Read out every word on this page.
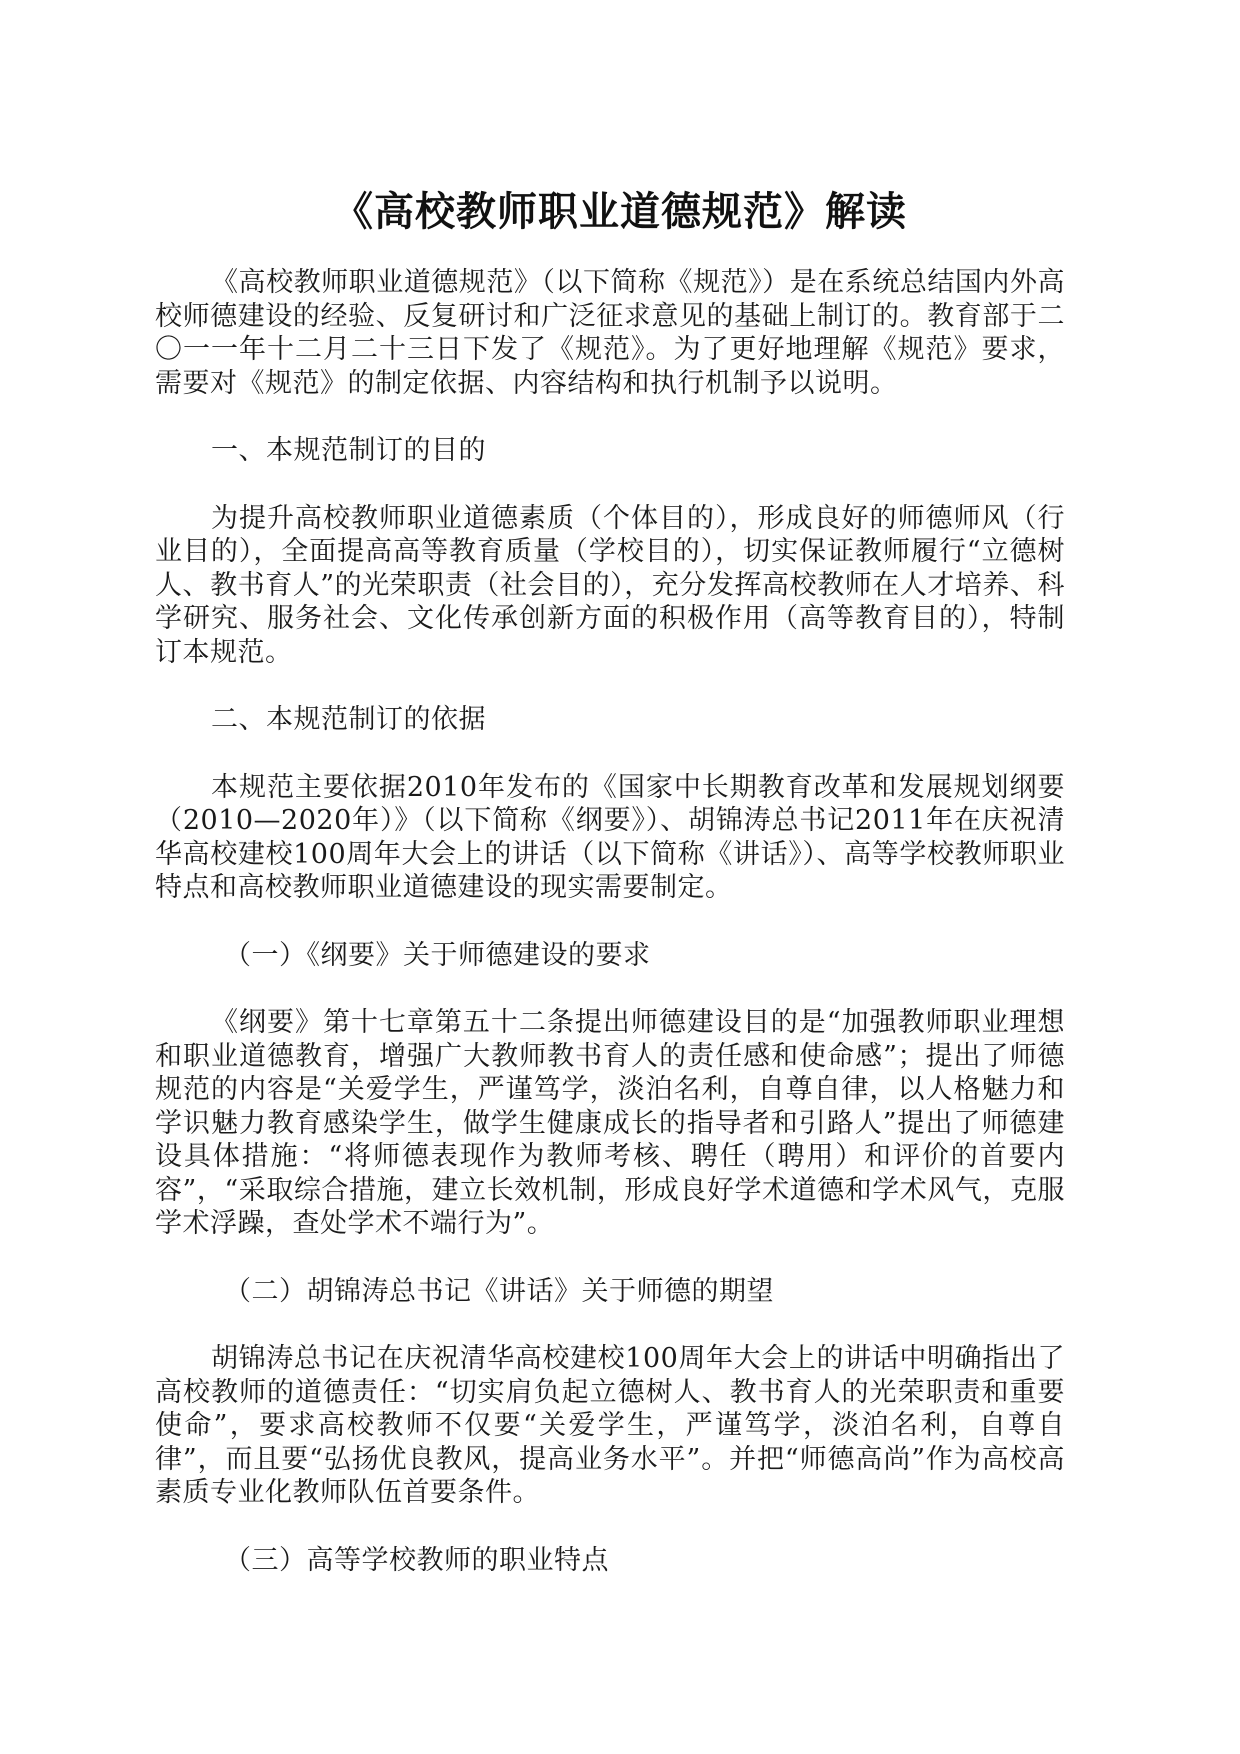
《高校教师职业道德规范》解读

《高校教师职业道德规范》（以下简称《规范》）是在系统总结国内外高校师德建设的经验、反复研讨和广泛征求意见的基础上制订的。教育部于二〇一一年十二月二十三日下发了《规范》。为了更好地理解《规范》要求，需要对《规范》的制定依据、内容结构和执行机制予以说明。

一、本规范制订的目的

为提升高校教师职业道德素质（个体目的），形成良好的师德师风（行业目的），全面提高高等教育质量（学校目的），切实保证教师履行“立德树人、教书育人”的光荣职责（社会目的），充分发挥高校教师在人才培养、科学研究、服务社会、文化传承创新方面的积极作用（高等教育目的），特制订本规范。

二、本规范制订的依据

本规范主要依据2010年发布的《国家中长期教育改革和发展规划纲要（2010—2020年）》（以下简称《纲要》）、胡锦涛总书记2011年在庆祝清华高校建校100周年大会上的讲话（以下简称《讲话》）、高等学校教师职业特点和高校教师职业道德建设的现实需要制定。

（一）《纲要》关于师德建设的要求

《纲要》第十七章第五十二条提出师德建设目的是“加强教师职业理想和职业道德教育，增强广大教师教书育人的责任感和使命感”；提出了师德规范的内容是“关爱学生，严谨笃学，淡泊名利，自尊自律，以人格魅力和学识魅力教育感染学生，做学生健康成长的指导者和引路人”提出了师德建设具体措施：“将师德表现作为教师考核、聘任（聘用）和评价的首要内容”，“采取综合措施，建立长效机制，形成良好学术道德和学术风气，克服学术浮躁，查处学术不端行为”。

（二）胡锦涛总书记《讲话》关于师德的期望

胡锦涛总书记在庆祝清华高校建校100周年大会上的讲话中明确指出了高校教师的道德责任：“切实肩负起立德树人、教书育人的光荣职责和重要使命”，要求高校教师不仅要“关爱学生，严谨笃学，淡泊名利，自尊自律”，而且要“弘扬优良教风，提高业务水平”。并把“师德高尚”作为高校高素质专业化教师队伍首要条件。

（三）高等学校教师的职业特点
